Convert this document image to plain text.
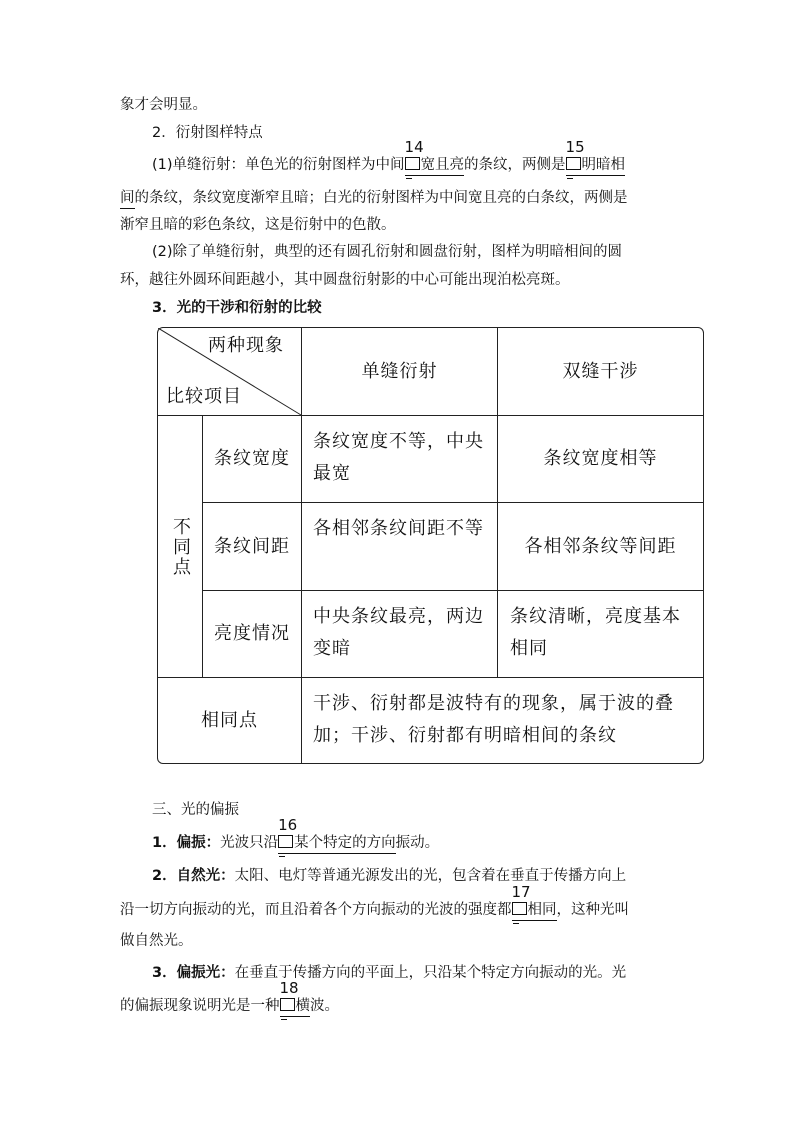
象才会明显。
2．衍射图样特点
(1)单缝衍射：单色光的衍射图样为中间
14
宽且亮的条纹，两侧是
15
明暗相
间的条纹，条纹宽度渐窄且暗；白光的衍射图样为中间宽且亮的白条纹，两侧是
渐窄且暗的彩色条纹，这是衍射中的色散。
(2)除了单缝衍射，典型的还有圆孔衍射和圆盘衍射，图样为明暗相间的圆
环，越往外圆环间距越小，其中圆盘衍射影的中心可能出现泊松亮斑。
3．光的干涉和衍射的比较
两种现象
比较项目
单缝衍射	双缝干涉
不同点
条纹宽度
条纹宽度不等，中央最宽
条纹宽度相等
条纹间距
各相邻条纹间距不等
各相邻条纹等间距
亮度情况
中央条纹最亮，两边变暗
条纹清晰，亮度基本相同
相同点
干涉、衍射都是波特有的现象，属于波的叠加；干涉、衍射都有明暗相间的条纹
三、光的偏振
1．偏振：光波只沿
16
某个特定的方向振动。
2．自然光：太阳、电灯等普通光源发出的光，包含着在垂直于传播方向上
沿一切方向振动的光，而且沿着各个方向振动的光波的强度都
17
相同，这种光叫
做自然光。
3．偏振光：在垂直于传播方向的平面上，只沿某个特定方向振动的光。光
的偏振现象说明光是一种
18
横波。
